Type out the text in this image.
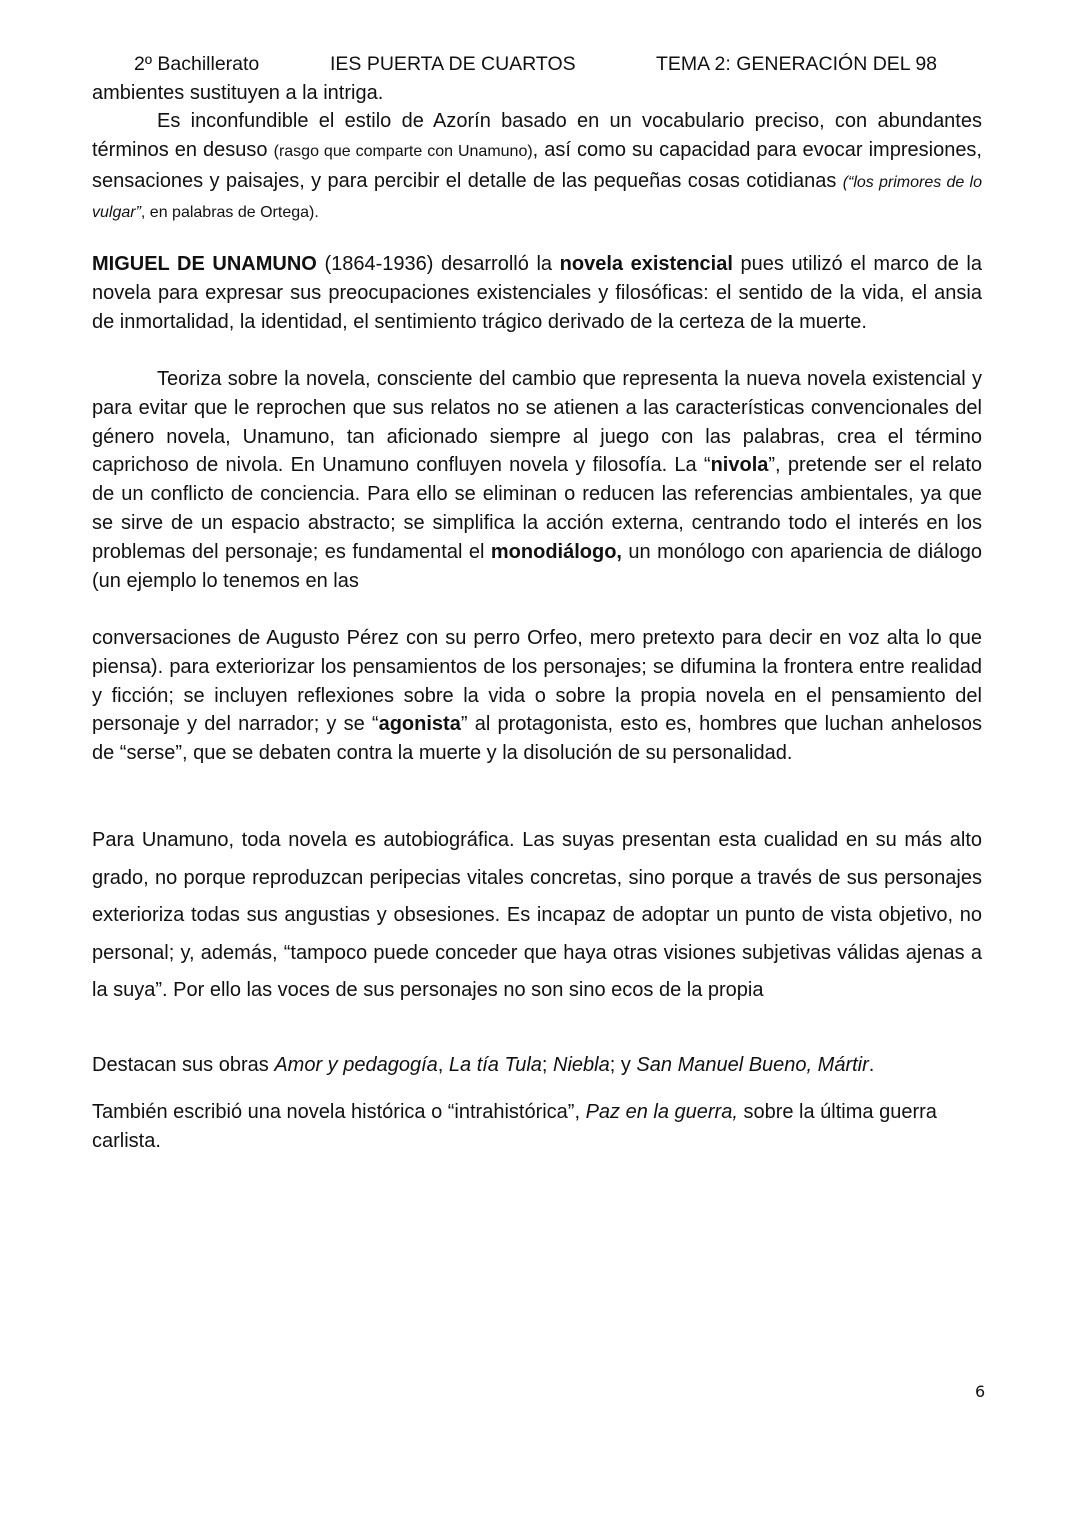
2º Bachillerato	IES PUERTA DE CUARTOS	TEMA 2: GENERACIÓN DEL 98

ambientes sustituyen a la intriga.

Es inconfundible el estilo de Azorín basado en un vocabulario preciso, con abundantes términos en desuso (rasgo que comparte con Unamuno), así como su capacidad para evocar impresiones, sensaciones y paisajes, y para percibir el detalle de las pequeñas cosas cotidianas (“los primores de lo vulgar”, en palabras de Ortega).

MIGUEL DE UNAMUNO (1864-1936) desarrolló la novela existencial pues utilizó el marco de la novela para expresar sus preocupaciones existenciales y filosóficas: el sentido de la vida, el ansia de inmortalidad, la identidad, el sentimiento trágico derivado de la certeza de la muerte.

Teoriza sobre la novela, consciente del cambio que representa la nueva novela existencial y para evitar que le reprochen que sus relatos no se atienen a las características convencionales del género novela, Unamuno, tan aficionado siempre al juego con las palabras, crea el término caprichoso de nivola. En Unamuno confluyen novela y filosofía. La “nivola”, pretende ser el relato de un conflicto de conciencia. Para ello se eliminan o reducen las referencias ambientales, ya que se sirve de un espacio abstracto; se simplifica la acción externa, centrando todo el interés en los problemas del personaje; es fundamental el monodiálogo, un monólogo con apariencia de diálogo (un ejemplo lo tenemos en las

conversaciones de Augusto Pérez con su perro Orfeo, mero pretexto para decir en voz alta lo que piensa). para exteriorizar los pensamientos de los personajes; se difumina la frontera entre realidad y ficción; se incluyen reflexiones sobre la vida o sobre la propia novela en el pensamiento del personaje y del narrador; y se “agonista” al protagonista, esto es, hombres que luchan anhelosos de “serse”, que se debaten contra la muerte y la disolución de su personalidad.

Para Unamuno, toda novela es autobiográfica. Las suyas presentan esta cualidad en su más alto grado, no porque reproduzcan peripecias vitales concretas, sino porque a través de sus personajes exterioriza todas sus angustias y obsesiones. Es incapaz de adoptar un punto de vista objetivo, no personal; y, además, “tampoco puede conceder que haya otras visiones subjetivas válidas ajenas a la suya”. Por ello las voces de sus personajes no son sino ecos de la propia

Destacan sus obras Amor y pedagogía, La tía Tula; Niebla; y San Manuel Bueno, Mártir.

También escribió una novela histórica o “intrahistórica”, Paz en la guerra, sobre la última guerra carlista.

6
